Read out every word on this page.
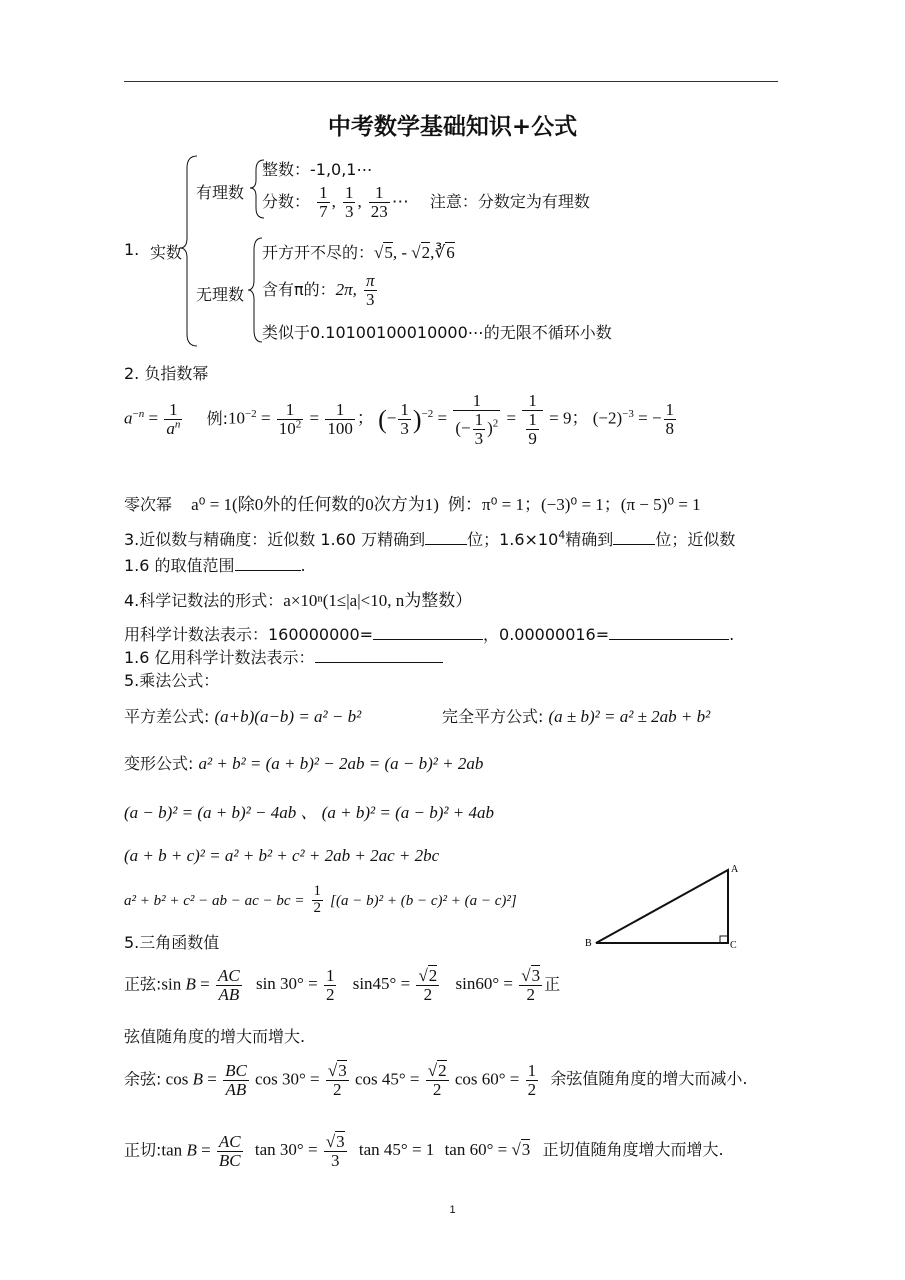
中考数学基础知识+公式
1. 实数
有理数
无理数
整数：-1,0,1⋯
分数： $\frac{1}{7}$ , $\frac{1}{3}$ , $\frac{1}{23}$ ⋯ 注意：分数定为有理数
开方开不尽的：√5, - √2,∛6
含有π的：2π, $\frac{\pi}{3}$
类似于0.10100100010000⋯的无限不循环小数
2. 负指数幂
$a^{-n} = \frac{1}{a^n}$ 例$:10^{-2} = \frac{1}{10^2} = \frac{1}{100}$ ； (− $\frac{1}{3} )^{-2} = \frac{1}{(- \frac{1}{3} )^2} = \frac{1}{\frac{1}{9}} = 9$； $(-2)^{-3}$ = − $\frac{1}{8}$
零次幂 a⁰ = 1(除0外的任何数的0次方为1) 例：π⁰ = 1；(−3)⁰ = 1；(π − 5)⁰ = 1
3.近似数与精确度：近似数 1.60 万精确到	位；$1.6\times 10^4$精确到	位；近似数
1.6 的取值范围	.
4.科学记数法的形式：a×10ⁿ(1≤|a|<10, n为整数）
用科学计数法表示：160000000=	，0.00000016=	.
1.6 亿用科学计数法表示：
5.乘法公式：
平方差公式: (a+b)(a−b) = a² − b²	完全平方公式: (a ± b)² = a² ± 2ab + b²
变形公式: a² + b² = (a + b)² − 2ab = (a − b)² + 2ab
(a − b)² = (a + b)² − 4ab 、 (a + b)² = (a − b)² + 4ab
(a + b + c)² = a² + b² + c² + 2ab + 2ac + 2bc
a² + b² + c² − ab − ac − bc = $\frac{1}{2} [(a - b)^2 + (b - c)^2 + (a - c)^2]$
A
B	C
5.三角函数值
正弦:sin $B = \frac{AC}{AB}$ $\sin 30^\circ = \frac{1}{2} \sin 45^\circ = \frac{√2}{2} \sin 60^\circ = \frac{√3}{2}$ 正
弦值随角度的增大而增大.
余弦: $\cos B = \frac{BC}{AB}$ $\cos 30^\circ = \frac{√3}{2}$ $\cos 45^\circ = \frac{√2}{2}$ $\cos 60^\circ = \frac{1}{2}$ 余弦值随角度的增大而减小.
正切:tan $B = \frac{AC}{BC}$ $\tan 30^\circ = \frac{√3}{3}$ tan 45° = 1 tan 60° = √3 正切值随角度增大而增大.
1
